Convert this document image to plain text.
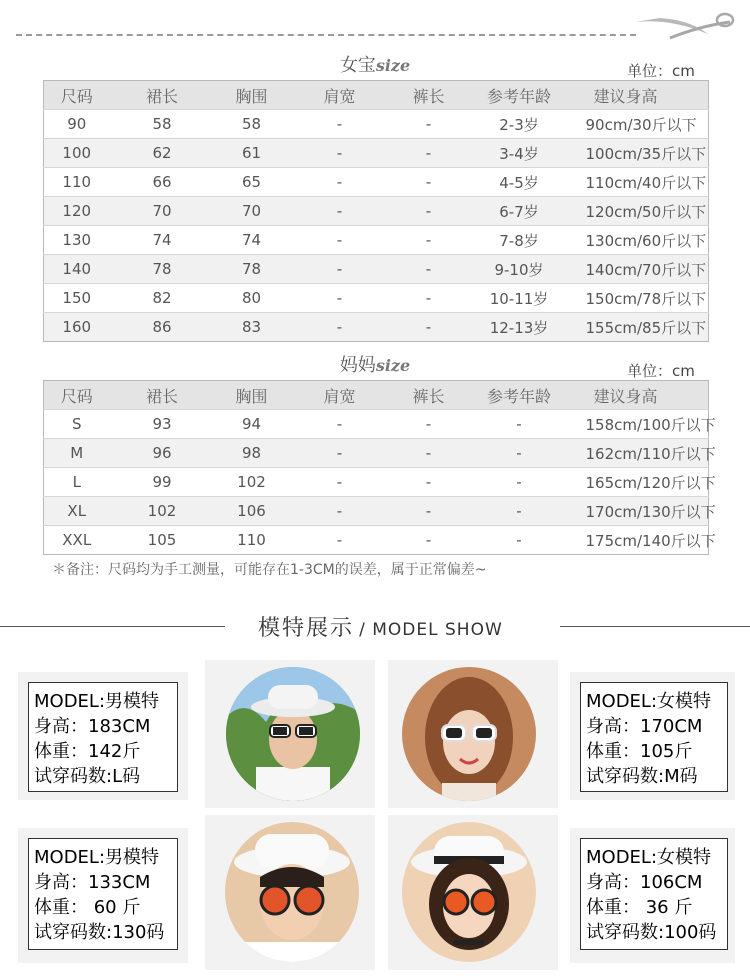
女宝size	单位：cm
尺码	裙长	胸围	肩宽	裤长	参考年龄	建议身高
90	58	58	-	-	2-3岁	90cm/30斤以下
100	62	61	-	-	3-4岁	100cm/35斤以下
110	66	65	-	-	4-5岁	110cm/40斤以下
120	70	70	-	-	6-7岁	120cm/50斤以下
130	74	74	-	-	7-8岁	130cm/60斤以下
140	78	78	-	-	9-10岁	140cm/70斤以下
150	82	80	-	-	10-11岁	150cm/78斤以下
160	86	83	-	-	12-13岁	155cm/85斤以下
妈妈size	单位：cm
尺码	裙长	胸围	肩宽	裤长	参考年龄	建议身高
S	93	94	-	-	-	158cm/100斤以下
M	96	98	-	-	-	162cm/110斤以下
L	99	102	-	-	-	165cm/120斤以下
XL	102	106	-	-	-	170cm/130斤以下
XXL	105	110	-	-	-	175cm/140斤以下
＊备注：尺码均为手工测量，可能存在1-3CM的误差，属于正常偏差~
模特展示 / MODEL SHOW
MODEL:男模特
身高：183CM
体重：142斤
试穿码数:L码
MODEL:女模特
身高：170CM
体重：105斤
试穿码数:M码
MODEL:男模特
身高：133CM
体重： 60 斤
试穿码数:130码
MODEL:女模特
身高：106CM
体重： 36 斤
试穿码数:100码
